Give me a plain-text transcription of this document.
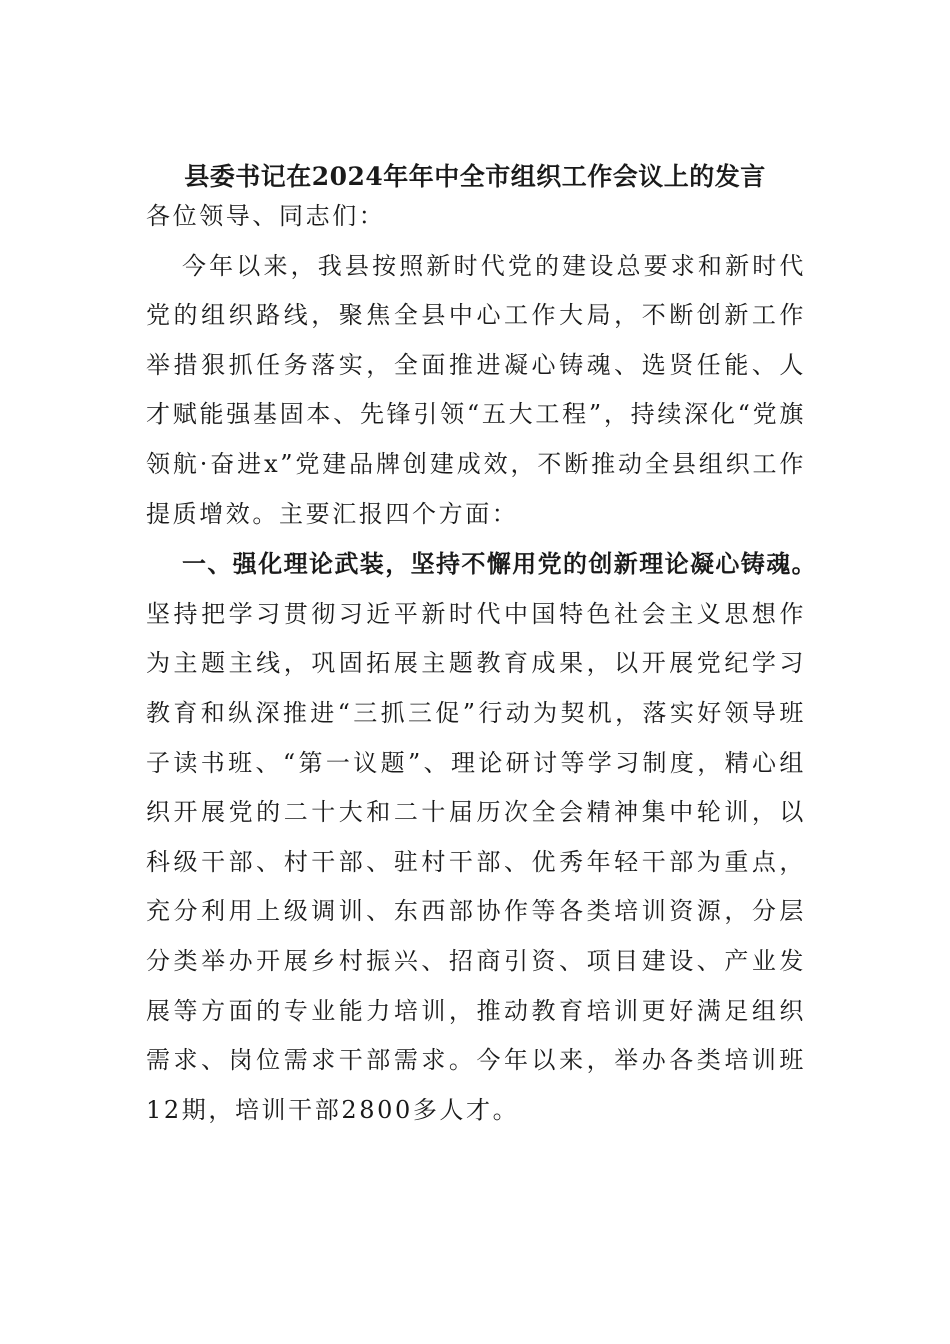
县委书记在2024年年中全市组织工作会议上的发言

各位领导、同志们：

今年以来，我县按照新时代党的建设总要求和新时代党的组织路线，聚焦全县中心工作大局，不断创新工作举措狠抓任务落实，全面推进凝心铸魂、选贤任能、人才赋能强基固本、先锋引领“五大工程”，持续深化“党旗领航·奋进x”党建品牌创建成效，不断推动全县组织工作提质增效。主要汇报四个方面：

一、强化理论武装，坚持不懈用党的创新理论凝心铸魂。坚持把学习贯彻习近平新时代中国特色社会主义思想作为主题主线，巩固拓展主题教育成果，以开展党纪学习教育和纵深推进“三抓三促”行动为契机，落实好领导班子读书班、“第一议题”、理论研讨等学习制度，精心组织开展党的二十大和二十届历次全会精神集中轮训，以科级干部、村干部、驻村干部、优秀年轻干部为重点，充分利用上级调训、东西部协作等各类培训资源，分层分类举办开展乡村振兴、招商引资、项目建设、产业发展等方面的专业能力培训，推动教育培训更好满足组织需求、岗位需求干部需求。今年以来，举办各类培训班12期，培训干部2800多人才。
